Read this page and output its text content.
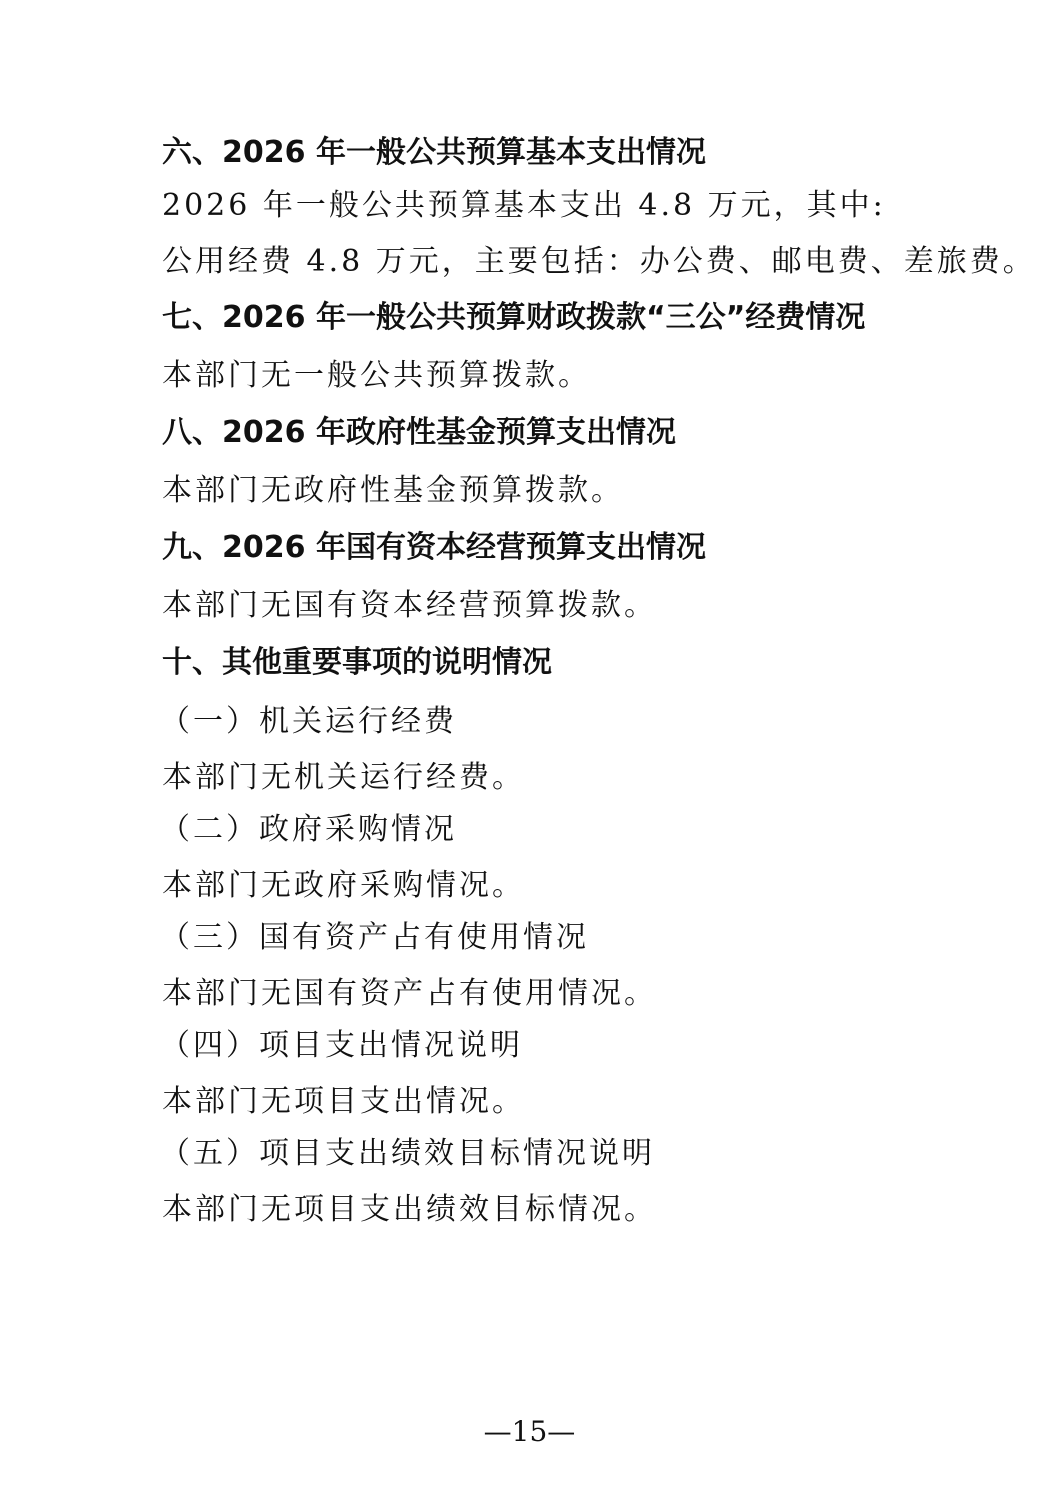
六、2026 年一般公共预算基本支出情况
2026 年一般公共预算基本支出 4.8 万元，其中:
公用经费 4.8 万元，主要包括：办公费、邮电费、差旅费。
七、2026 年一般公共预算财政拨款“三公”经费情况
本部门无一般公共预算拨款。
八、2026 年政府性基金预算支出情况
本部门无政府性基金预算拨款。
九、2026 年国有资本经营预算支出情况
本部门无国有资本经营预算拨款。
十、其他重要事项的说明情况
（一）机关运行经费
本部门无机关运行经费。
（二）政府采购情况
本部门无政府采购情况。
（三）国有资产占有使用情况
本部门无国有资产占有使用情况。
（四）项目支出情况说明
本部门无项目支出情况。
（五）项目支出绩效目标情况说明
本部门无项目支出绩效目标情况。
—15—
